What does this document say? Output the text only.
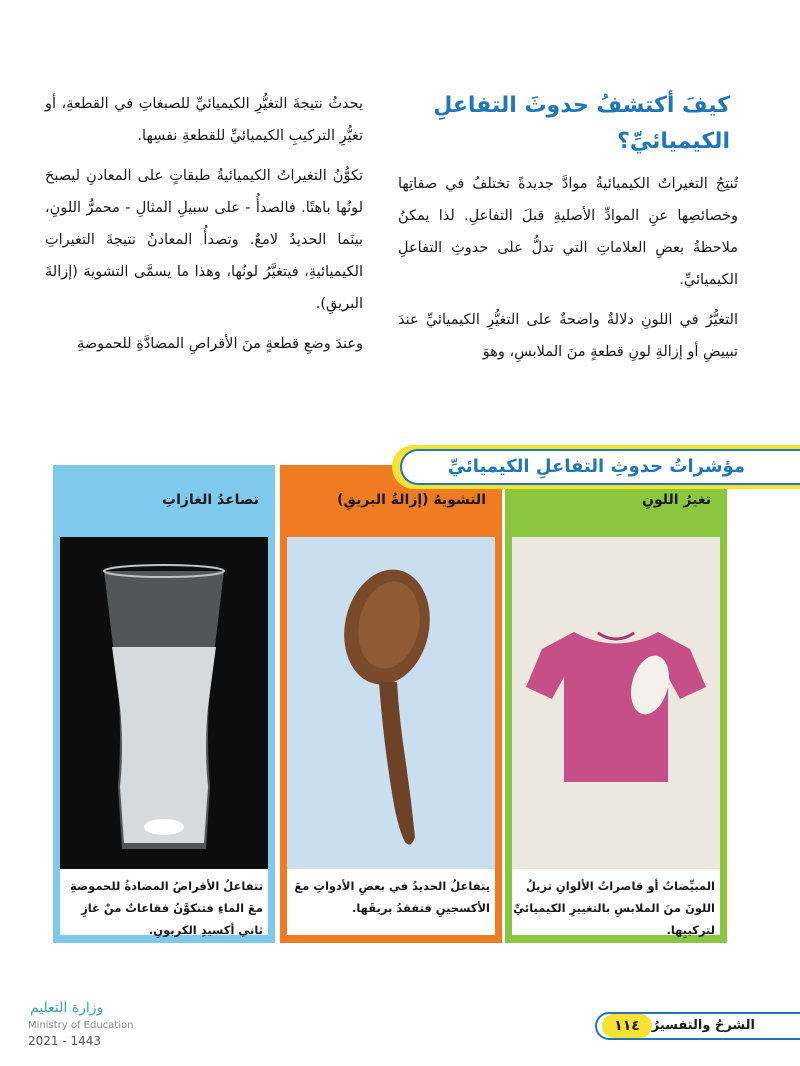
كيفَ أكتشفُ حدوثَ التفاعلِ الكيميائيِّ؟

تُنتِجُ التغيراتُ الكيميائيةُ موادَّ جديدةً تختلفُ في صفاتِها وخصائصِها عنِ الموادِّ الأصليةِ قبلَ التفاعلِ. لذا يمكنُ ملاحظةُ بعضِ العلاماتِ التي تدلُّ على حدوثِ التفاعلِ الكيميائيِّ.

التغيُّرُ في اللونِ دلالةٌ واضحةٌ على التغيُّرِ الكيميائيِّ عندَ تبييضِ أو إزالةِ لونِ قطعةٍ منَ الملابسِ، وهوَ

يحدثُ نتيجةَ التغيُّرِ الكيميائيِّ للصبغاتِ في القطعةِ، أو تغيُّرِ التركيبِ الكيميائيِّ للقطعةِ نفسِها.

تكوُّنُ التغيراتُ الكيميائيةُ طبقاتٍ على المعادنِ ليصبحَ لونُها باهتًا. فالصدأُ - على سبيلِ المثالِ - محمرُّ اللونِ، بينَما الحديدُ لامعٌ. وتصدأُ المعادنُ نتيجةَ التغيراتِ الكيميائيةِ، فيتغيَّرُ لونُها، وهذا ما يسمَّى التشويهَ (إزالةَ البريقِ).

وعندَ وضعِ قطعةٍ منَ الأقراصِ المضادَّةِ للحموضةِ

تغيرُ اللونِ
المبيِّضاتُ أو قاصراتُ الألوانِ تزيلُ اللونَ منَ الملابسِ بالتغييرِ الكيميائيِّ لتركيبِها.
التشويهُ (إزالةُ البريقِ)
يتفاعلُ الحديدُ في بعضِ الأدواتِ معَ الأكسجينِ فتفقدُ بريقَها.
تصاعدُ الغازاتِ
تتفاعلُ الأقراصُ المضادةُ للحموضةِ معَ الماءِ فتتكوَّنُ فقاعاتٌ منْ غازِ ثاني أكسيدِ الكربونِ.
مؤشراتُ حدوثِ التفاعلِ الكيميائيِّ
الشرحُ والتفسيرُ
١١٤
وزارة التعليم
Ministry of Education
2021 - 1443
